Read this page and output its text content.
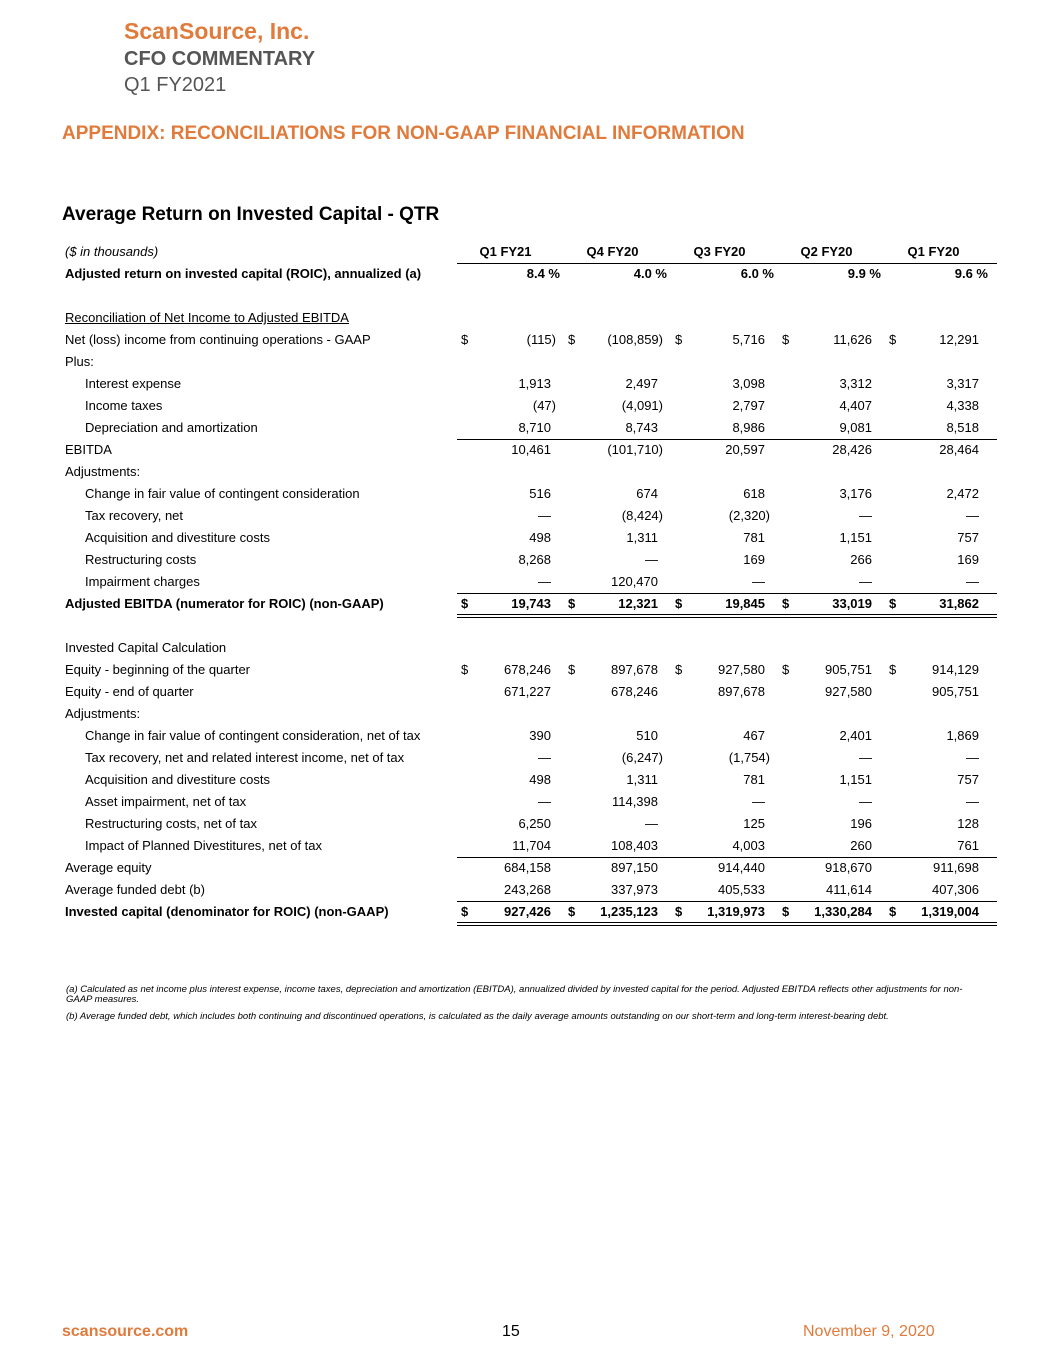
ScanSource, Inc.
CFO COMMENTARY
Q1 FY2021
APPENDIX: RECONCILIATIONS FOR NON-GAAP FINANCIAL INFORMATION
Average Return on Invested Capital - QTR
($ in thousands)	Q1 FY21	Q4 FY20	Q3 FY20	Q2 FY20	Q1 FY20
Adjusted return on invested capital (ROIC), annualized (a)	8.4 %	4.0 %	6.0 %	9.9 %	9.6 %
Reconciliation of Net Income to Adjusted EBITDA
Net (loss) income from continuing operations - GAAP	$	(115) $	(108,859) $	5,716 $	11,626 $	12,291
Plus:
Interest expense	1,913	2,497	3,098	3,312	3,317
Income taxes	(47)	(4,091)	2,797	4,407	4,338
Depreciation and amortization	8,710	8,743	8,986	9,081	8,518
EBITDA	10,461	(101,710)	20,597	28,426	28,464
Adjustments:
Change in fair value of contingent consideration	516	674	618	3,176	2,472
Tax recovery, net	—	(8,424)	(2,320)	—	—
Acquisition and divestiture costs	498	1,311	781	1,151	757
Restructuring costs	8,268	—	169	266	169
Impairment charges	—	120,470	—	—	—
Adjusted EBITDA (numerator for ROIC) (non-GAAP)	$	19,743 $	12,321 $	19,845 $	33,019 $	31,862
Invested Capital Calculation
Equity - beginning of the quarter	$	678,246 $	897,678 $	927,580 $	905,751 $	914,129
Equity - end of quarter	671,227	678,246	897,678	927,580	905,751
Adjustments:
Change in fair value of contingent consideration, net of tax	390	510	467	2,401	1,869
Tax recovery, net and related interest income, net of tax	—	(6,247)	(1,754)	—	—
Acquisition and divestiture costs	498	1,311	781	1,151	757
Asset impairment, net of tax	—	114,398	—	—	—
Restructuring costs, net of tax	6,250	—	125	196	128
Impact of Planned Divestitures, net of tax	11,704	108,403	4,003	260	761
Average equity	684,158	897,150	914,440	918,670	911,698
Average funded debt (b)	243,268	337,973	405,533	411,614	407,306
Invested capital (denominator for ROIC) (non-GAAP)	$	927,426 $	1,235,123 $	1,319,973 $	1,330,284 $	1,319,004

(a) Calculated as net income plus interest expense, income taxes, depreciation and amortization (EBITDA), annualized divided by invested capital for the period. Adjusted EBITDA reflects other adjustments for non-GAAP measures.

(b) Average funded debt, which includes both continuing and discontinued operations, is calculated as the daily average amounts outstanding on our short-term and long-term interest-bearing debt.

scansource.com	15	November 9, 2020
